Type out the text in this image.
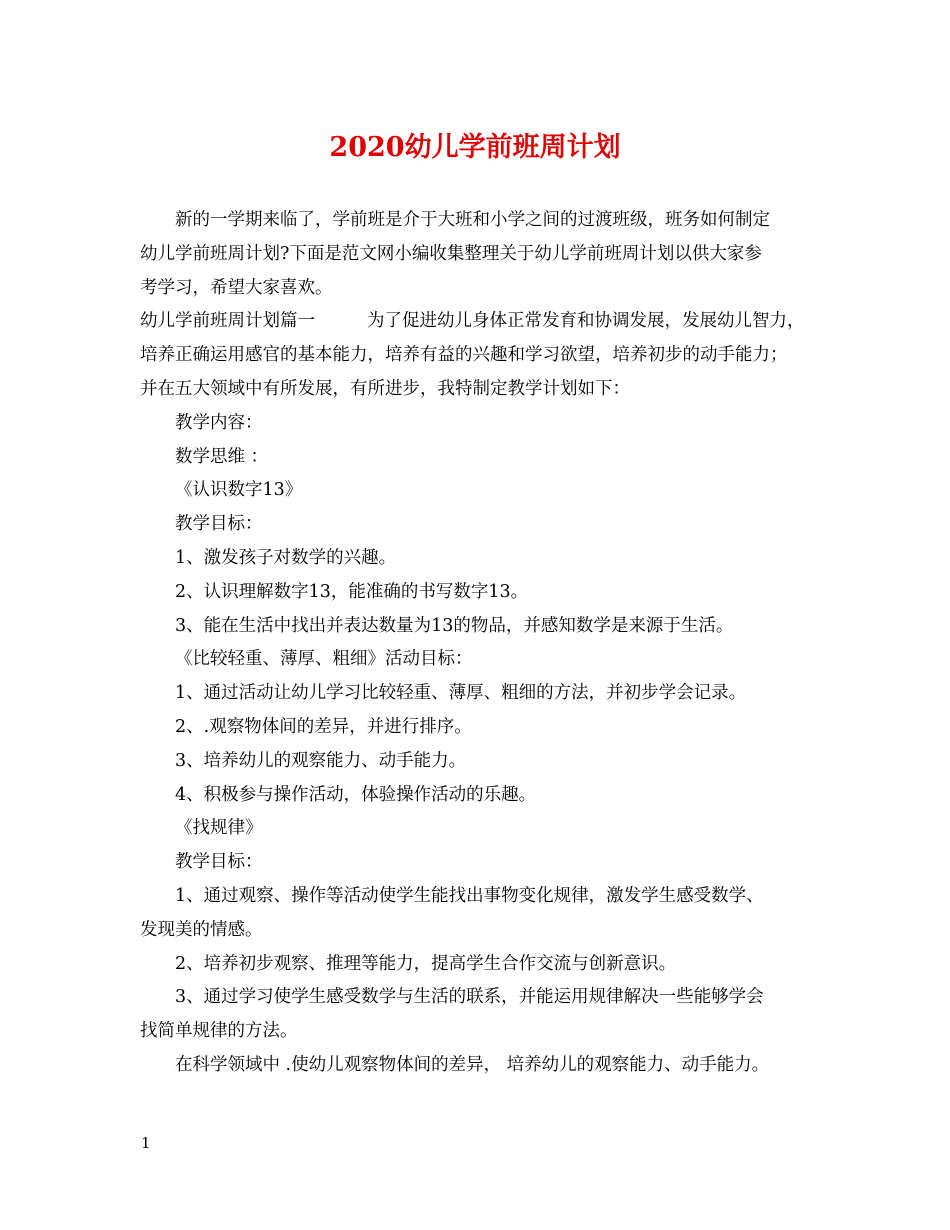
2020幼儿学前班周计划

新的一学期来临了，学前班是介于大班和小学之间的过渡班级，班务如何制定

幼儿学前班周计划?下面是范文网小编收集整理关于幼儿学前班周计划以供大家参

考学习，希望大家喜欢。

幼儿学前班周计划篇一	为了促进幼儿身体正常发育和协调发展，发展幼儿智力，

培养正确运用感官的基本能力，培养有益的兴趣和学习欲望，培养初步的动手能力；

并在五大领域中有所发展，有所进步，我特制定教学计划如下：

教学内容：

数学思维 ：

《认识数字13》

教学目标：

1、激发孩子对数学的兴趣。

2、认识理解数字13，能准确的书写数字13。

3、能在生活中找出并表达数量为13的物品，并感知数学是来源于生活。

《比较轻重、薄厚、粗细》活动目标：

1、通过活动让幼儿学习比较轻重、薄厚、粗细的方法，并初步学会记录。

2、.观察物体间的差异，并进行排序。

3、培养幼儿的观察能力、动手能力。

4、积极参与操作活动，体验操作活动的乐趣。

《找规律》

教学目标：

1、通过观察、操作等活动使学生能找出事物变化规律，激发学生感受数学、

发现美的情感。

2、培养初步观察、推理等能力，提高学生合作交流与创新意识。

3、通过学习使学生感受数学与生活的联系，并能运用规律解决一些能够学会

找简单规律的方法。

在科学领域中 .使幼儿观察物体间的差异， 培养幼儿的观察能力、动手能力。

1
